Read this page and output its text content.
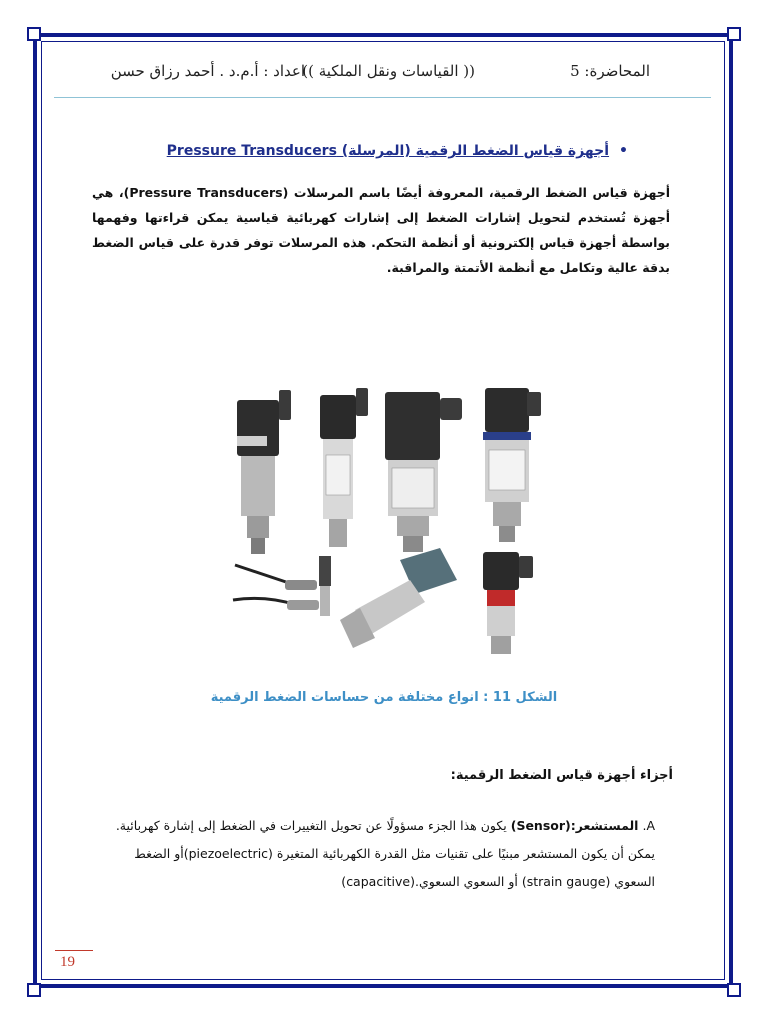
المحاضرة: 5
(( القياسات ونقل الملكية ))
اعداد : أ.م.د . أحمد رزاق حسن
•أجهزة قياس الضغط الرقمية (المرسلة) Pressure Transducers
أجهزة قياس الضغط الرقمية، المعروفة أيضًا باسم المرسلات (Pressure Transducers)، هي أجهزة تُستخدم لتحويل إشارات الضغط إلى إشارات كهربائية قياسية يمكن قراءتها وفهمها بواسطة أجهزة قياس إلكترونية أو أنظمة التحكم. هذه المرسلات توفر قدرة على قياس الضغط بدقة عالية وتكامل مع أنظمة الأتمتة والمراقبة.
الشكل 11 : انواع مختلفة من حساسات الضغط الرقمية
أجزاء أجهزة قياس الضغط الرقمية:
A. المستشعر:(Sensor) يكون هذا الجزء مسؤولًا عن تحويل التغييرات في الضغط إلى إشارة كهربائية. يمكن أن يكون المستشعر مبنيًا على تقنيات مثل القدرة الكهربائية المتغيرة (piezoelectric)أو الضغط السعوي (strain gauge) أو السعوي السعوي.(capacitive)
19
